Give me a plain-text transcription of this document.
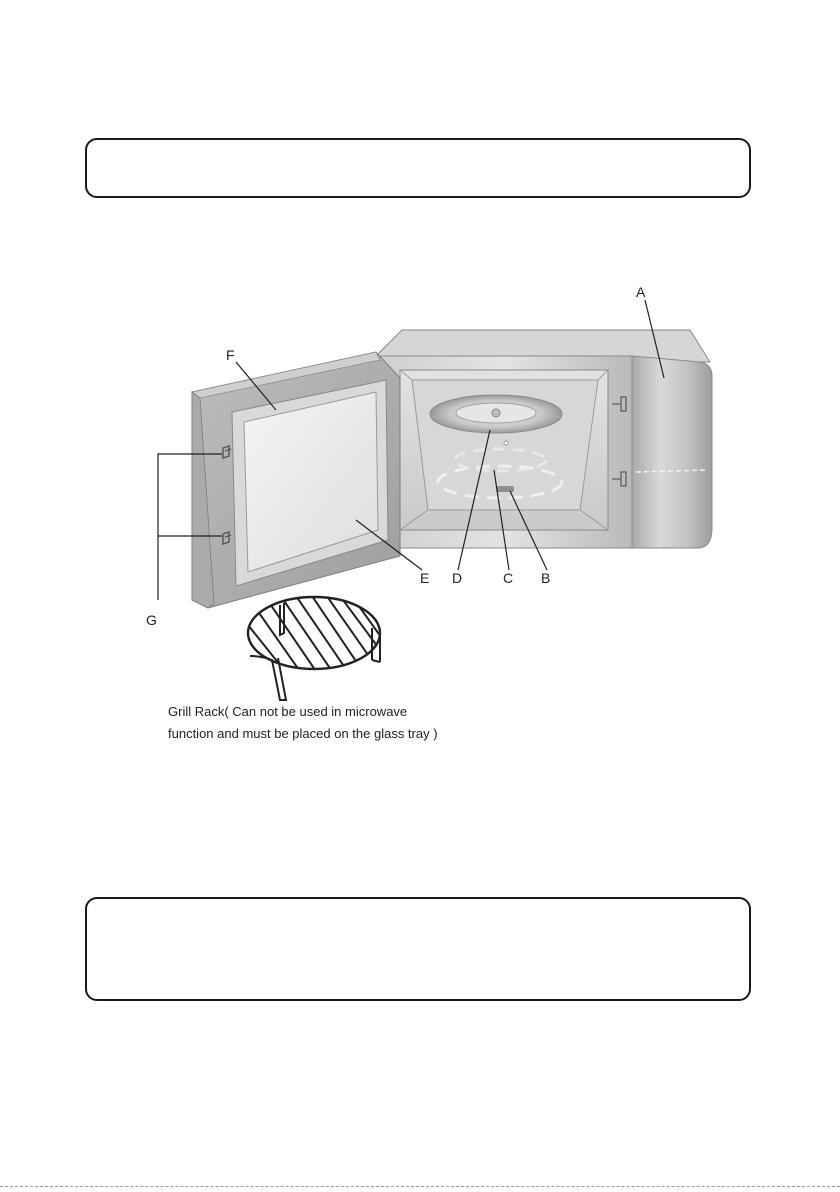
A
F
E D	C B
G
Grill Rack( Can not be used in microwave
function and must be placed on the glass tray )
